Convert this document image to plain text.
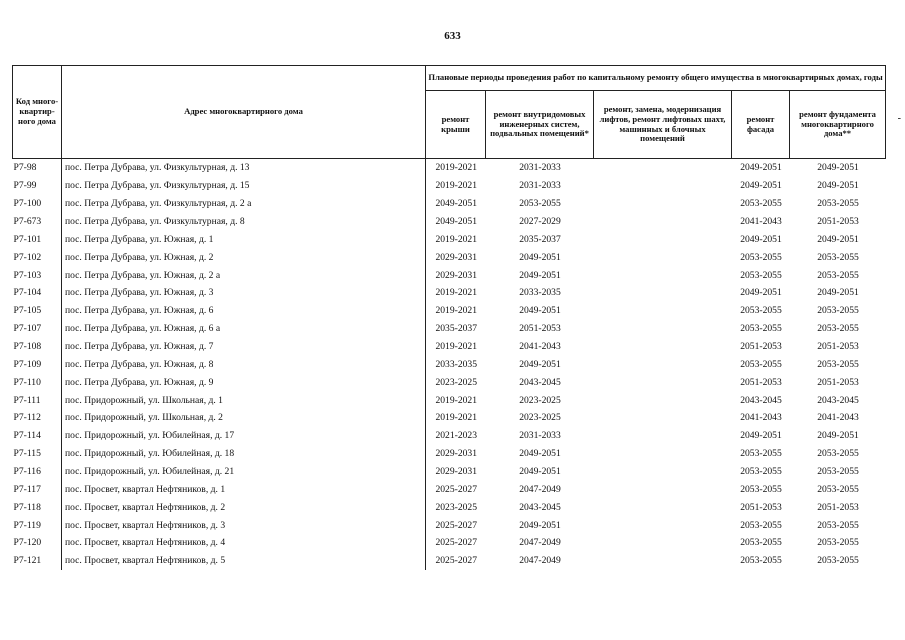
633
Код много-квартир-ного дома	Адрес многоквартирного дома	Плановые периоды проведения работ по капитальному ремонту общего имущества в многоквартирных домах, годы				
		ремонт крыши	ремонт внутридомовых инженерных систем, подвальных помещений*	ремонт, замена, модернизация лифтов, ремонт лифтовых шахт, машинных и блочных помещений	ремонт фасада	ремонт фундамента многоквартирного дома**
Р7-98	пос. Петра Дубрава, ул. Физкультурная, д. 13	2019-2021	2031-2033		2049-2051	2049-2051
Р7-99	пос. Петра Дубрава, ул. Физкультурная, д. 15	2019-2021	2031-2033		2049-2051	2049-2051
Р7-100	пос. Петра Дубрава, ул. Физкультурная, д. 2 а	2049-2051	2053-2055		2053-2055	2053-2055
Р7-673	пос. Петра Дубрава, ул. Физкультурная, д. 8	2049-2051	2027-2029		2041-2043	2051-2053
Р7-101	пос. Петра Дубрава, ул. Южная, д. 1	2019-2021	2035-2037		2049-2051	2049-2051
Р7-102	пос. Петра Дубрава, ул. Южная, д. 2	2029-2031	2049-2051		2053-2055	2053-2055
Р7-103	пос. Петра Дубрава, ул. Южная, д. 2 а	2029-2031	2049-2051		2053-2055	2053-2055
Р7-104	пос. Петра Дубрава, ул. Южная, д. 3	2019-2021	2033-2035		2049-2051	2049-2051
Р7-105	пос. Петра Дубрава, ул. Южная, д. 6	2019-2021	2049-2051		2053-2055	2053-2055
Р7-107	пос. Петра Дубрава, ул. Южная, д. 6 а	2035-2037	2051-2053		2053-2055	2053-2055
Р7-108	пос. Петра Дубрава, ул. Южная, д. 7	2019-2021	2041-2043		2051-2053	2051-2053
Р7-109	пос. Петра Дубрава, ул. Южная, д. 8	2033-2035	2049-2051		2053-2055	2053-2055
Р7-110	пос. Петра Дубрава, ул. Южная, д. 9	2023-2025	2043-2045		2051-2053	2051-2053
Р7-111	пос. Придорожный, ул. Школьная, д. 1	2019-2021	2023-2025		2043-2045	2043-2045
Р7-112	пос. Придорожный, ул. Школьная, д. 2	2019-2021	2023-2025		2041-2043	2041-2043
Р7-114	пос. Придорожный, ул. Юбилейная, д. 17	2021-2023	2031-2033		2049-2051	2049-2051
Р7-115	пос. Придорожный, ул. Юбилейная, д. 18	2029-2031	2049-2051		2053-2055	2053-2055
Р7-116	пос. Придорожный, ул. Юбилейная, д. 21	2029-2031	2049-2051		2053-2055	2053-2055
Р7-117	пос. Просвет, квартал Нефтяников, д. 1	2025-2027	2047-2049		2053-2055	2053-2055
Р7-118	пос. Просвет, квартал Нефтяников, д. 2	2023-2025	2043-2045		2051-2053	2051-2053
Р7-119	пос. Просвет, квартал Нефтяников, д. 3	2025-2027	2049-2051		2053-2055	2053-2055
Р7-120	пос. Просвет, квартал Нефтяников, д. 4	2025-2027	2047-2049		2053-2055	2053-2055
Р7-121	пос. Просвет, квартал Нефтяников, д. 5	2025-2027	2047-2049		2053-2055	2053-2055
-
